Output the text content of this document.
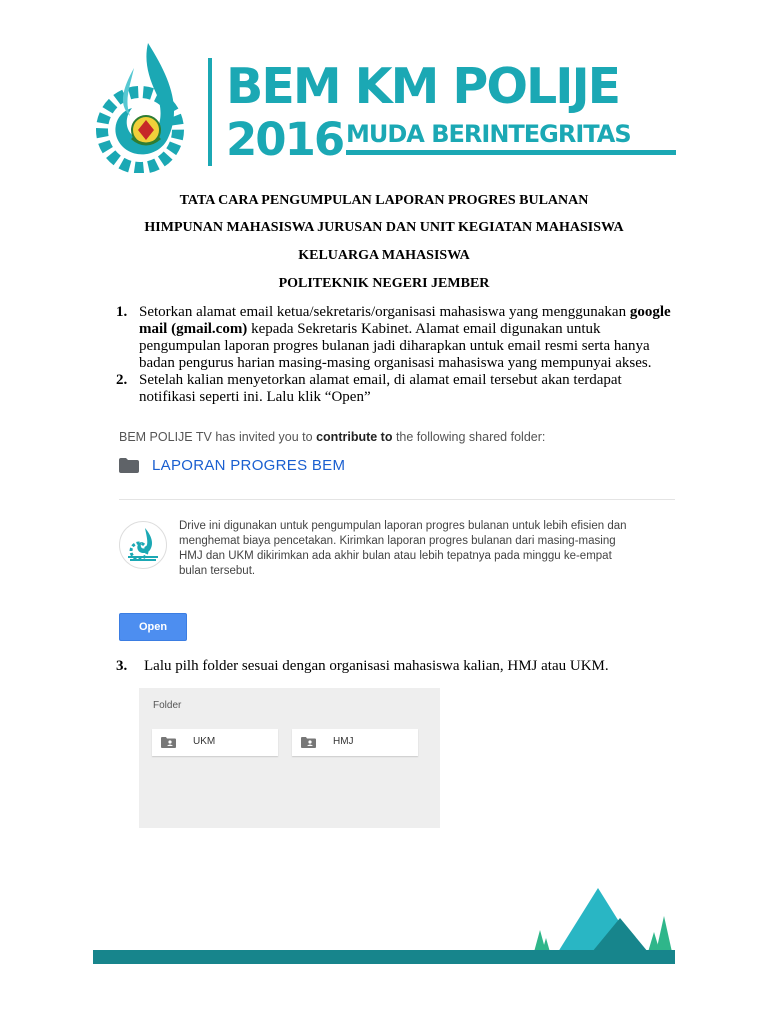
BEM KM POLIJE
2016 MUDA BERINTEGRITAS
TATA CARA PENGUMPULAN LAPORAN PROGRES BULANAN
HIMPUNAN MAHASISWA JURUSAN DAN UNIT KEGIATAN MAHASISWA
KELUARGA MAHASISWA
POLITEKNIK NEGERI JEMBER
1. Setorkan alamat email ketua/sekretaris/organisasi mahasiswa yang menggunakan google mail (gmail.com) kepada Sekretaris Kabinet. Alamat email digunakan untuk pengumpulan laporan progres bulanan jadi diharapkan untuk email resmi serta hanya badan pengurus harian masing-masing organisasi mahasiswa yang mempunyai akses.
2. Setelah kalian menyetorkan alamat email, di alamat email tersebut akan terdapat notifikasi seperti ini. Lalu klik “Open”
BEM POLIJE TV has invited you to contribute to the following shared folder:
LAPORAN PROGRES BEM
Drive ini digunakan untuk pengumpulan laporan progres bulanan untuk lebih efisien dan menghemat biaya pencetakan. Kirimkan laporan progres bulanan dari masing-masing HMJ dan UKM dikirimkan ada akhir bulan atau lebih tepatnya pada minggu ke-empat bulan tersebut.
Open
3. Lalu pilh folder sesuai dengan organisasi mahasiswa kalian, HMJ atau UKM.
Folder
UKM	HMJ
